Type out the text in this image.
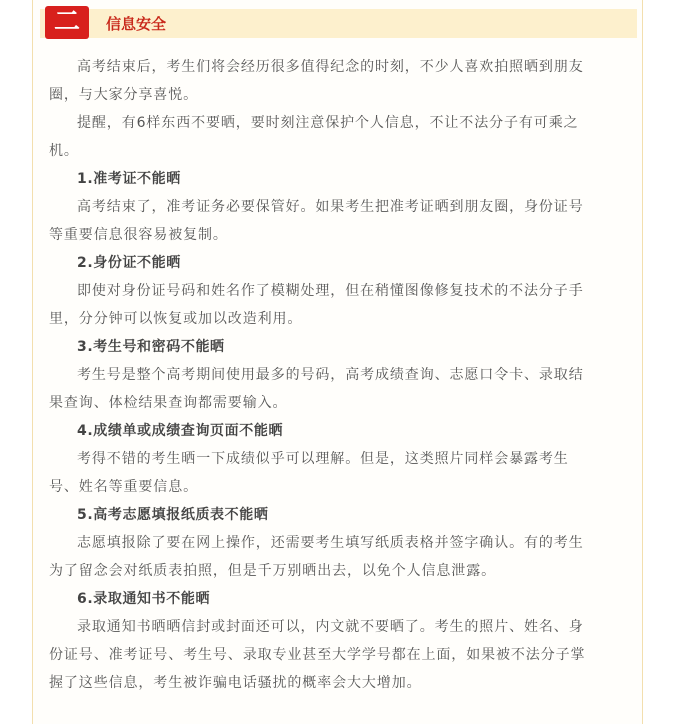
二	信息安全
高考结束后，考生们将会经历很多值得纪念的时刻，不少人喜欢拍照晒到朋友
圈，与大家分享喜悦。
提醒，有6样东西不要晒，要时刻注意保护个人信息，不让不法分子有可乘之
机。
1.准考证不能晒
高考结束了，准考证务必要保管好。如果考生把准考证晒到朋友圈，身份证号
等重要信息很容易被复制。
2.身份证不能晒
即使对身份证号码和姓名作了模糊处理，但在稍懂图像修复技术的不法分子手
里，分分钟可以恢复或加以改造利用。
3.考生号和密码不能晒
考生号是整个高考期间使用最多的号码，高考成绩查询、志愿口令卡、录取结
果查询、体检结果查询都需要输入。
4.成绩单或成绩查询页面不能晒
考得不错的考生晒一下成绩似乎可以理解。但是，这类照片同样会暴露考生
号、姓名等重要信息。
5.高考志愿填报纸质表不能晒
志愿填报除了要在网上操作，还需要考生填写纸质表格并签字确认。有的考生
为了留念会对纸质表拍照，但是千万别晒出去，以免个人信息泄露。
6.录取通知书不能晒
录取通知书晒晒信封或封面还可以，内文就不要晒了。考生的照片、姓名、身
份证号、准考证号、考生号、录取专业甚至大学学号都在上面，如果被不法分子掌
握了这些信息，考生被诈骗电话骚扰的概率会大大增加。
